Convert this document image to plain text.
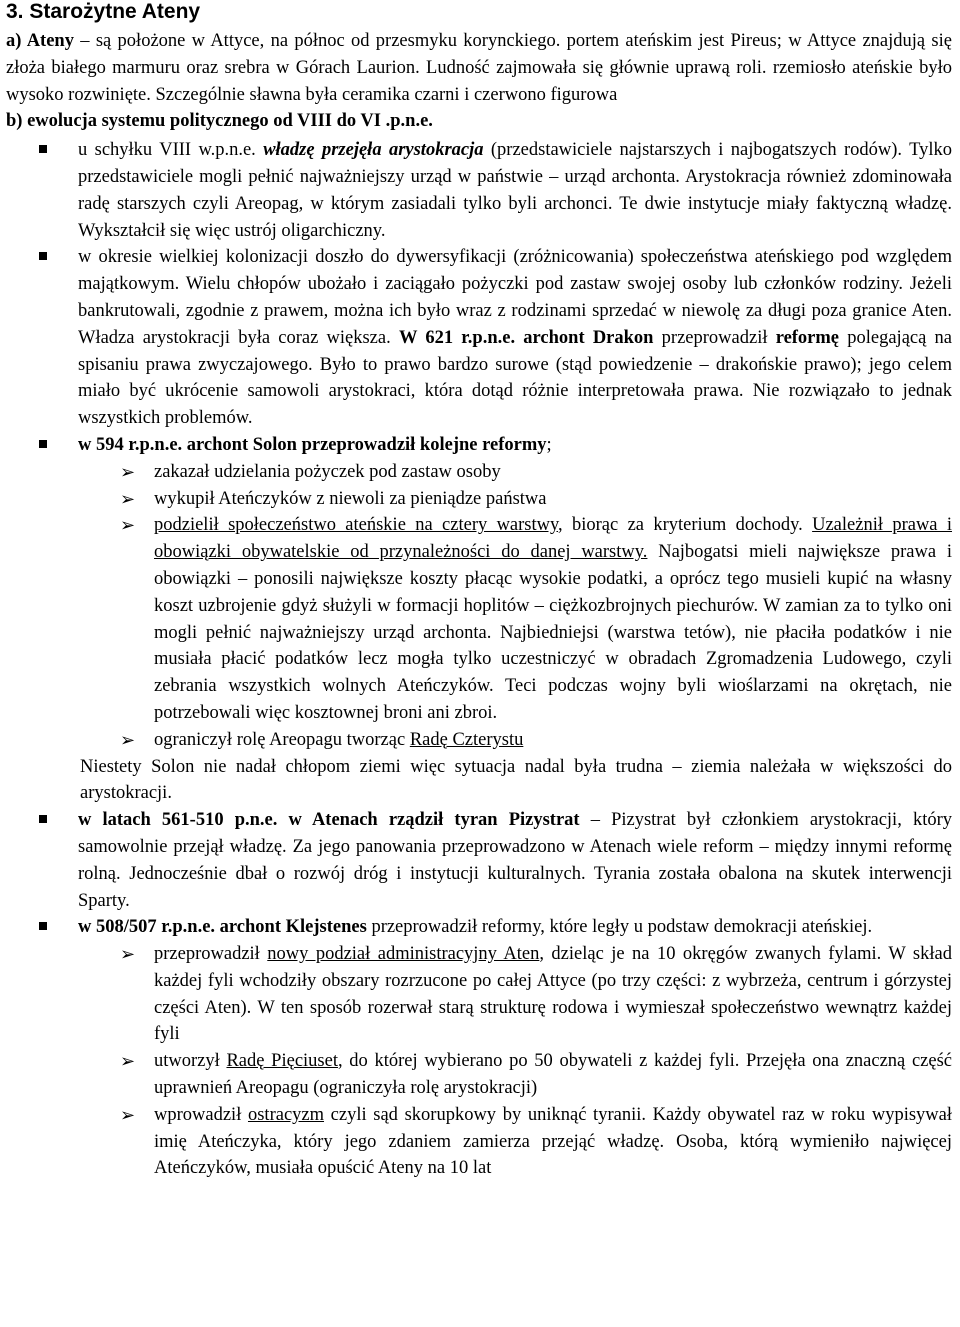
3. Starożytne Ateny

a) Ateny – są położone w Attyce, na północ od przesmyku korynckiego. portem ateńskim jest Pireus; w Attyce znajdują się złoża białego marmuru oraz srebra w Górach Laurion. Ludność zajmowała się głównie uprawą roli. rzemiosło ateńskie było wysoko rozwinięte. Szczególnie sławna była ceramika czarni i czerwono figurowa

b) ewolucja systemu politycznego od VIII do VI .p.n.e.

u schyłku VIII w.p.n.e. władzę przejęła arystokracja (przedstawiciele najstarszych i najbogatszych rodów). Tylko przedstawiciele mogli pełnić najważniejszy urząd w państwie – urząd archonta. Arystokracja również zdominowała radę starszych czyli Areopag, w którym zasiadali tylko byli archonci. Te dwie instytucje miały faktyczną władzę. Wykształcił się więc ustrój oligarchiczny.
w okresie wielkiej kolonizacji doszło do dywersyfikacji (zróżnicowania) społeczeństwa ateńskiego pod względem majątkowym. Wielu chłopów ubożało i zaciągało pożyczki pod zastaw swojej osoby lub członków rodziny. Jeżeli bankrutowali, zgodnie z prawem, można ich było wraz z rodzinami sprzedać w niewolę za długi poza granice Aten. Władza arystokracji była coraz większa. W 621 r.p.n.e. archont Drakon przeprowadził reformę polegającą na spisaniu prawa zwyczajowego. Było to prawo bardzo surowe (stąd powiedzenie – drakońskie prawo); jego celem miało być ukrócenie samowoli arystokraci, która dotąd różnie interpretowała prawa. Nie rozwiązało to jednak wszystkich problemów.
w 594 r.p.n.e. archont Solon przeprowadził kolejne reformy;
➢ zakazał udzielania pożyczek pod zastaw osoby
➢ wykupił Ateńczyków z niewoli za pieniądze państwa
➢ podzielił społeczeństwo ateńskie na cztery warstwy, biorąc za kryterium dochody. Uzależnił prawa i obowiązki obywatelskie od przynależności do danej warstwy. Najbogatsi mieli największe prawa i obowiązki – ponosili największe koszty płacąc wysokie podatki, a oprócz tego musieli kupić na własny koszt uzbrojenie gdyż służyli w formacji hoplitów – ciężkozbrojnych piechurów. W zamian za to tylko oni mogli pełnić najważniejszy urząd archonta. Najbiedniejsi (warstwa tetów), nie płaciła podatków i nie musiała płacić podatków lecz mogła tylko uczestniczyć w obradach Zgromadzenia Ludowego, czyli zebrania wszystkich wolnych Ateńczyków. Teci podczas wojny byli wioślarzami na okrętach, nie potrzebowali więc kosztownej broni ani zbroi.
➢ ograniczył rolę Areopagu tworząc Radę Czterystu

Niestety Solon nie nadał chłopom ziemi więc sytuacja nadal była trudna – ziemia należała w większości do arystokracji.

w latach 561-510 p.n.e. w Atenach rządził tyran Pizystrat – Pizystrat był członkiem arystokracji, który samowolnie przejął władzę. Za jego panowania przeprowadzono w Atenach wiele reform – między innymi reformę rolną. Jednocześnie dbał o rozwój dróg i instytucji kulturalnych. Tyrania została obalona na skutek interwencji Sparty.
w 508/507 r.p.n.e. archont Klejstenes przeprowadził reformy, które legły u podstaw demokracji ateńskiej.
➢ przeprowadził nowy podział administracyjny Aten, dzieląc je na 10 okręgów zwanych fylami. W skład każdej fyli wchodziły obszary rozrzucone po całej Attyce (po trzy części: z wybrzeża, centrum i górzystej części Aten). W ten sposób rozerwał starą strukturę rodowa i wymieszał społeczeństwo wewnątrz każdej fyli
➢ utworzył Radę Pięciuset, do której wybierano po 50 obywateli z każdej fyli. Przejęła ona znaczną część uprawnień Areopagu (ograniczyła rolę arystokracji)
➢ wprowadził ostracyzm czyli sąd skorupkowy by uniknąć tyranii. Każdy obywatel raz w roku wypisywał imię Ateńczyka, który jego zdaniem zamierza przejąć władzę. Osoba, którą wymieniło najwięcej Ateńczyków, musiała opuścić Ateny na 10 lat
